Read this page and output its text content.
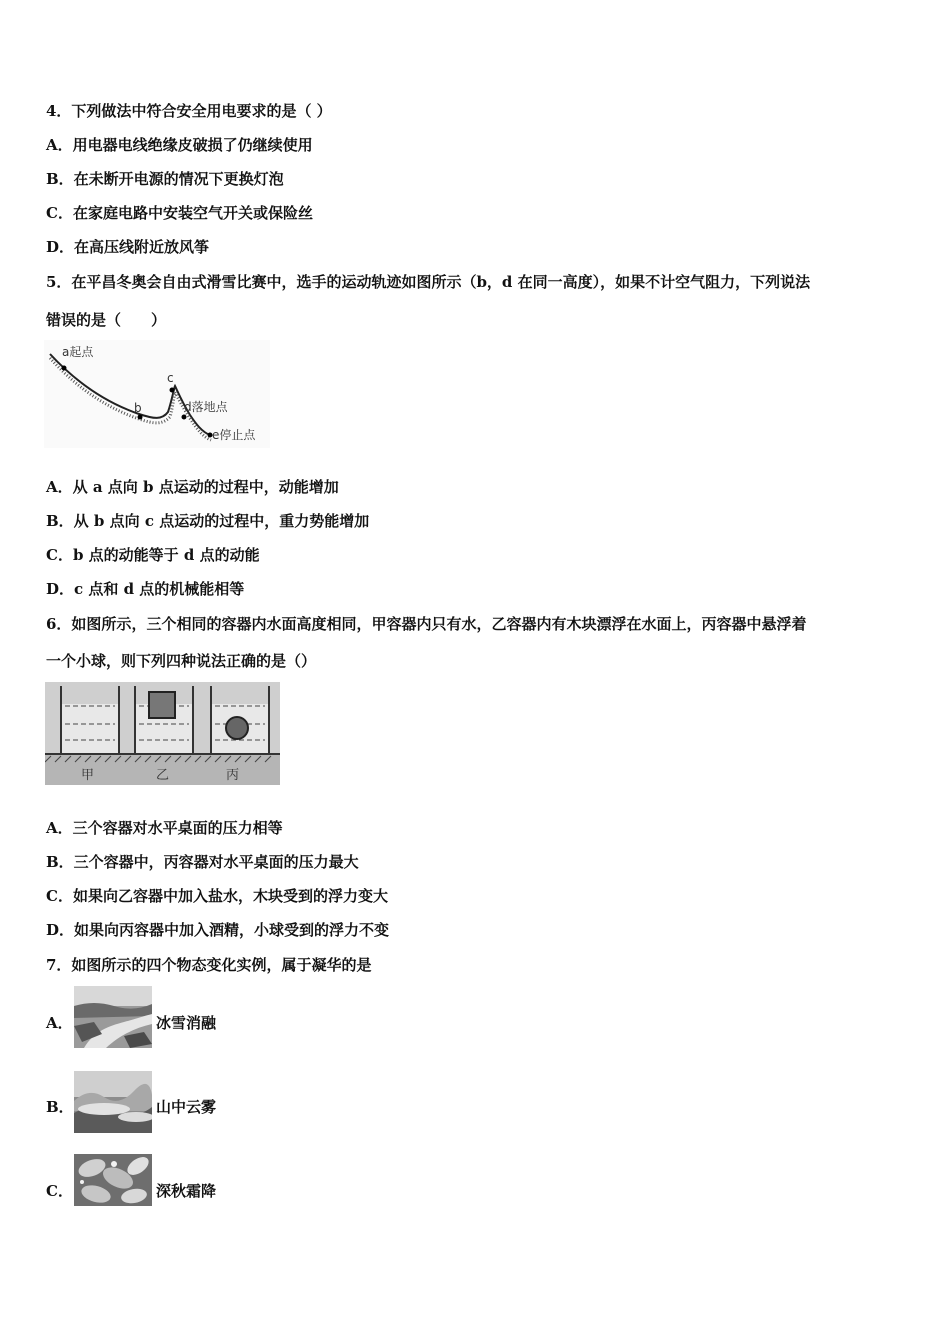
4．下列做法中符合安全用电要求的是（ ）
A．用电器电线绝缘皮破损了仍继续使用
B．在未断开电源的情况下更换灯泡
C．在家庭电路中安装空气开关或保险丝
D．在高压线附近放风筝
5．在平昌冬奥会自由式滑雪比赛中，选手的运动轨迹如图所示（b，d 在同一高度），如果不计空气阻力，下列说法
错误的是（　　）
a起点
b
c
d落地点
e停止点
A．从 a 点向 b 点运动的过程中，动能增加
B．从 b 点向 c 点运动的过程中，重力势能增加
C．b 点的动能等于 d 点的动能
D．c 点和 d 点的机械能相等
6．如图所示，三个相同的容器内水面高度相同，甲容器内只有水，乙容器内有木块漂浮在水面上，丙容器中悬浮着
一个小球，则下列四种说法正确的是（）
甲	乙	丙
A．三个容器对水平桌面的压力相等
B．三个容器中，丙容器对水平桌面的压力最大
C．如果向乙容器中加入盐水，木块受到的浮力变大
D．如果向丙容器中加入酒精，小球受到的浮力不变
7．如图所示的四个物态变化实例，属于凝华的是
A．	冰雪消融
B．	山中云雾
C．	深秋霜降
